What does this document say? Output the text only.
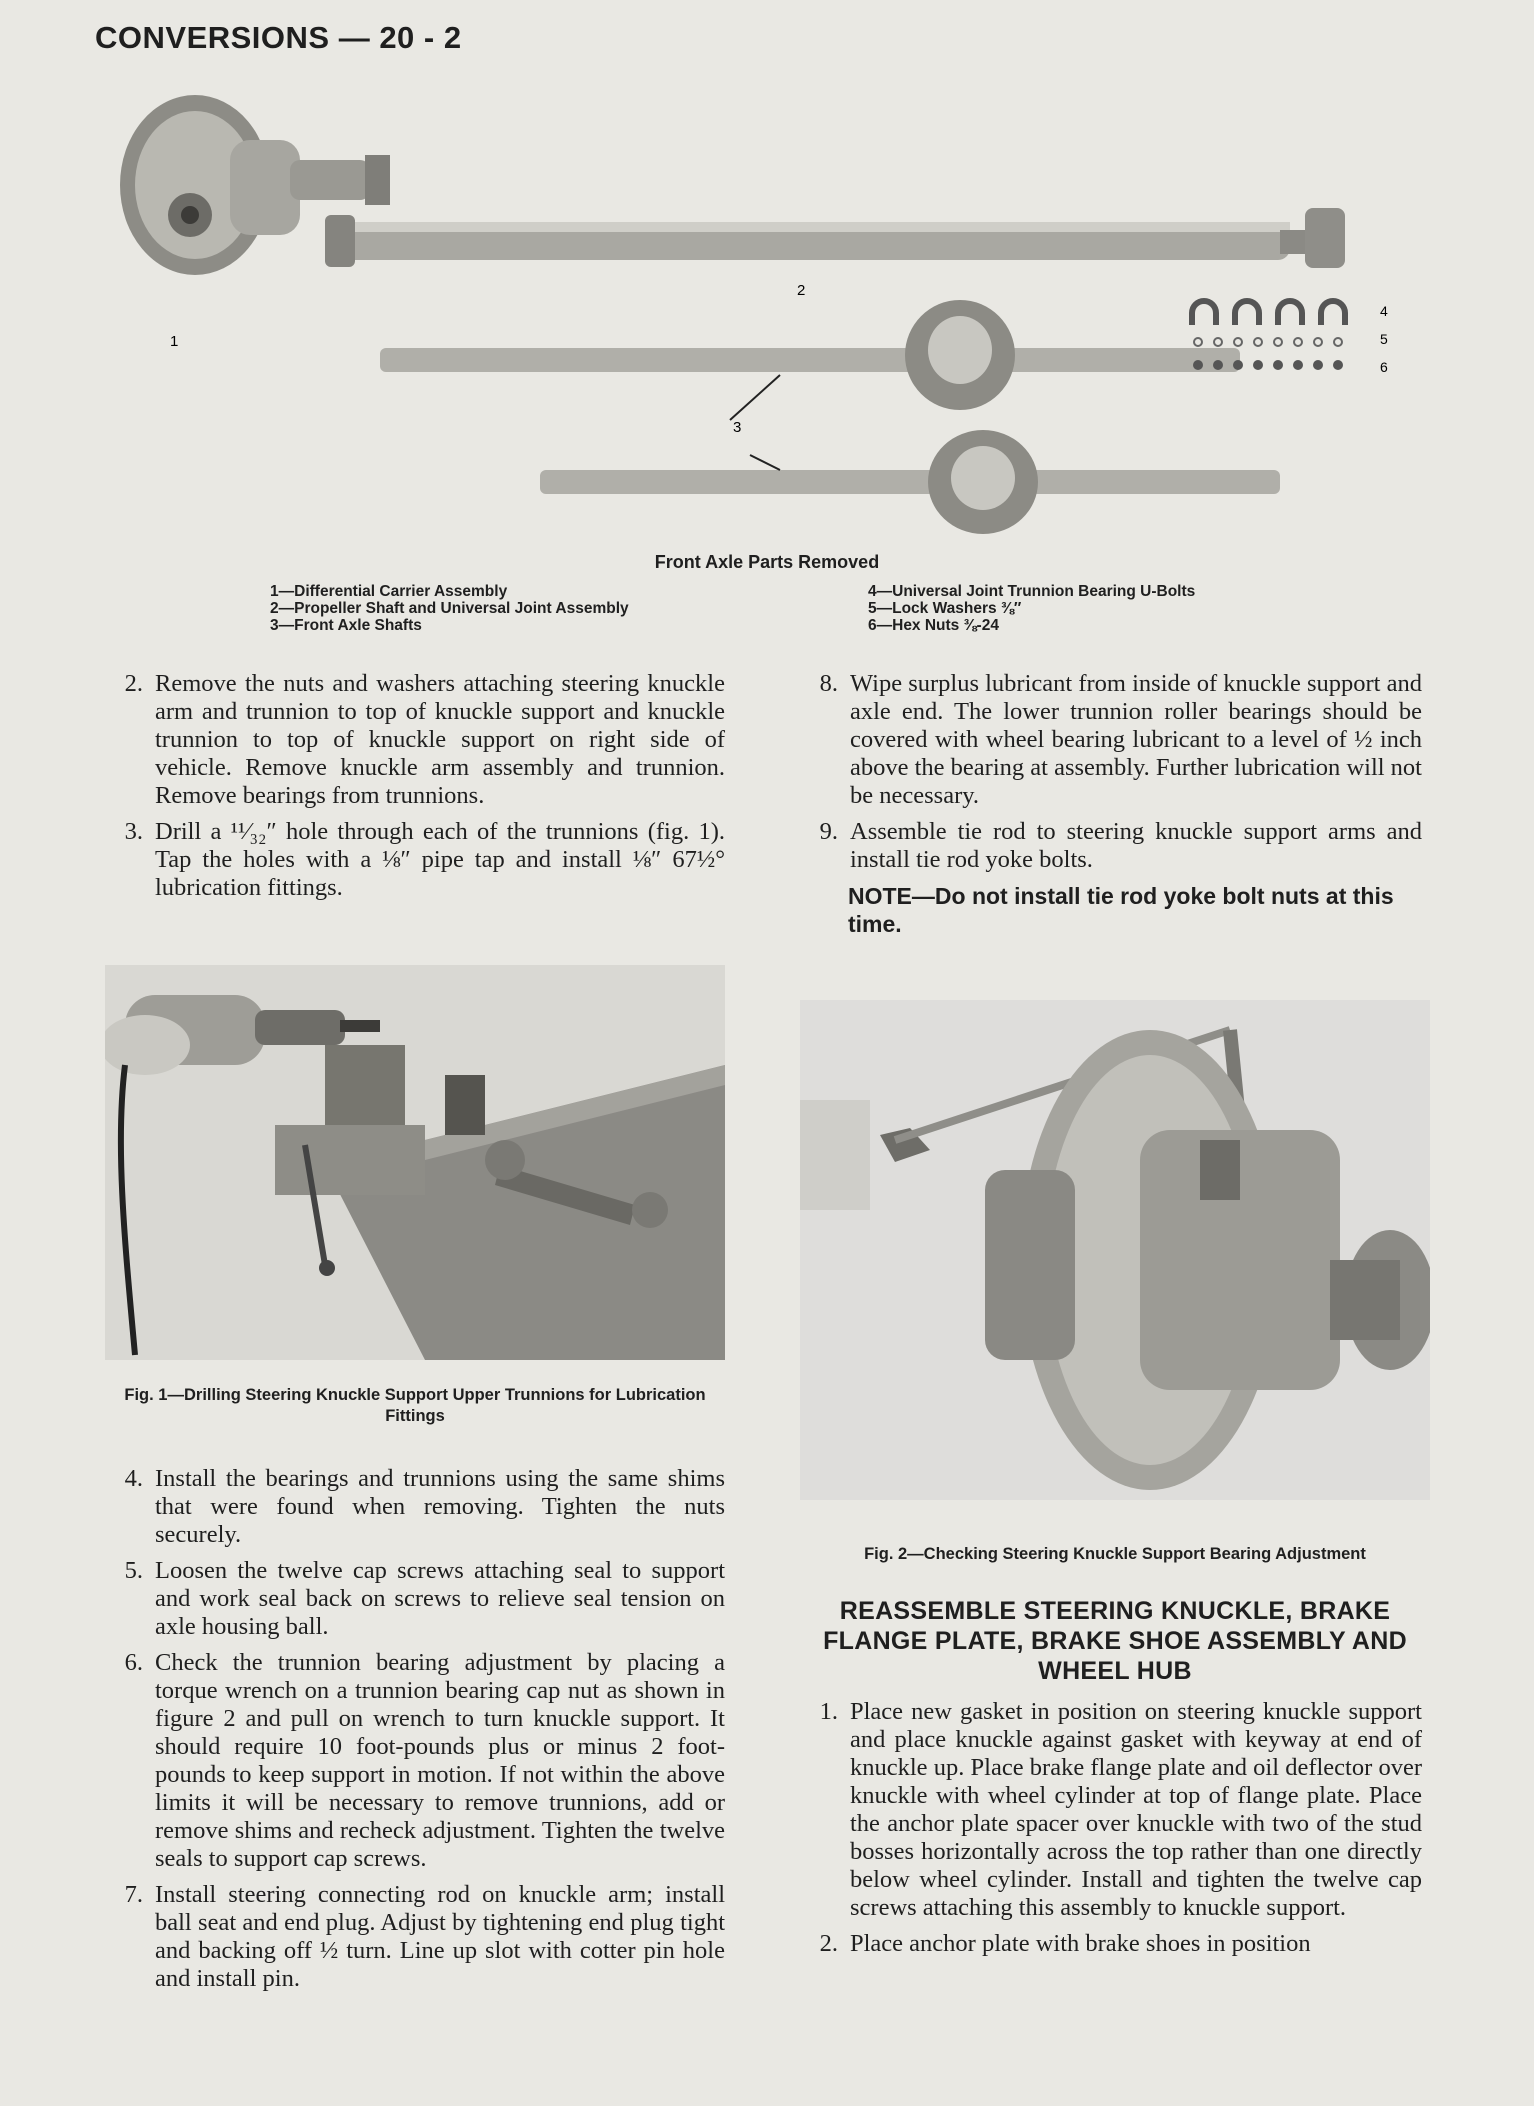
CONVERSIONS — 20 - 2
1
2
3
4
5
6
Front Axle Parts Removed
1—Differential Carrier Assembly
2—Propeller Shaft and Universal Joint Assembly
3—Front Axle Shafts
4—Universal Joint Trunnion Bearing U-Bolts
5—Lock Washers ⅜″
6—Hex Nuts ⅜-24
2. Remove the nuts and washers attaching steering knuckle arm and trunnion to top of knuckle support and knuckle trunnion to top of knuckle support on right side of vehicle. Remove knuckle arm assembly and trunnion. Remove bearings from trunnions.
3. Drill a ¹¹⁄₃₂″ hole through each of the trunnions (fig. 1). Tap the holes with a ⅛″ pipe tap and install ⅛″ 67½° lubrication fittings.
Fig. 1—Drilling Steering Knuckle Support Upper Trunnions for Lubrication Fittings
4. Install the bearings and trunnions using the same shims that were found when removing. Tighten the nuts securely.
5. Loosen the twelve cap screws attaching seal to support and work seal back on screws to relieve seal tension on axle housing ball.
6. Check the trunnion bearing adjustment by placing a torque wrench on a trunnion bearing cap nut as shown in figure 2 and pull on wrench to turn knuckle support. It should require 10 foot-pounds plus or minus 2 foot-pounds to keep support in motion. If not within the above limits it will be necessary to remove trunnions, add or remove shims and recheck adjustment. Tighten the twelve seals to support cap screws.
7. Install steering connecting rod on knuckle arm; install ball seat and end plug. Adjust by tightening end plug tight and backing off ½ turn. Line up slot with cotter pin hole and install pin.
8. Wipe surplus lubricant from inside of knuckle support and axle end. The lower trunnion roller bearings should be covered with wheel bearing lubricant to a level of ½ inch above the bearing at assembly. Further lubrication will not be necessary.
9. Assemble tie rod to steering knuckle support arms and install tie rod yoke bolts.
NOTE—Do not install tie rod yoke bolt nuts at this time.
Fig. 2—Checking Steering Knuckle Support Bearing Adjustment
REASSEMBLE STEERING KNUCKLE, BRAKE FLANGE PLATE, BRAKE SHOE ASSEMBLY AND WHEEL HUB
1. Place new gasket in position on steering knuckle support and place knuckle against gasket with keyway at end of knuckle up. Place brake flange plate and oil deflector over knuckle with wheel cylinder at top of flange plate. Place the anchor plate spacer over knuckle with two of the stud bosses horizontally across the top rather than one directly below wheel cylinder. Install and tighten the twelve cap screws attaching this assembly to knuckle support.
2. Place anchor plate with brake shoes in position
